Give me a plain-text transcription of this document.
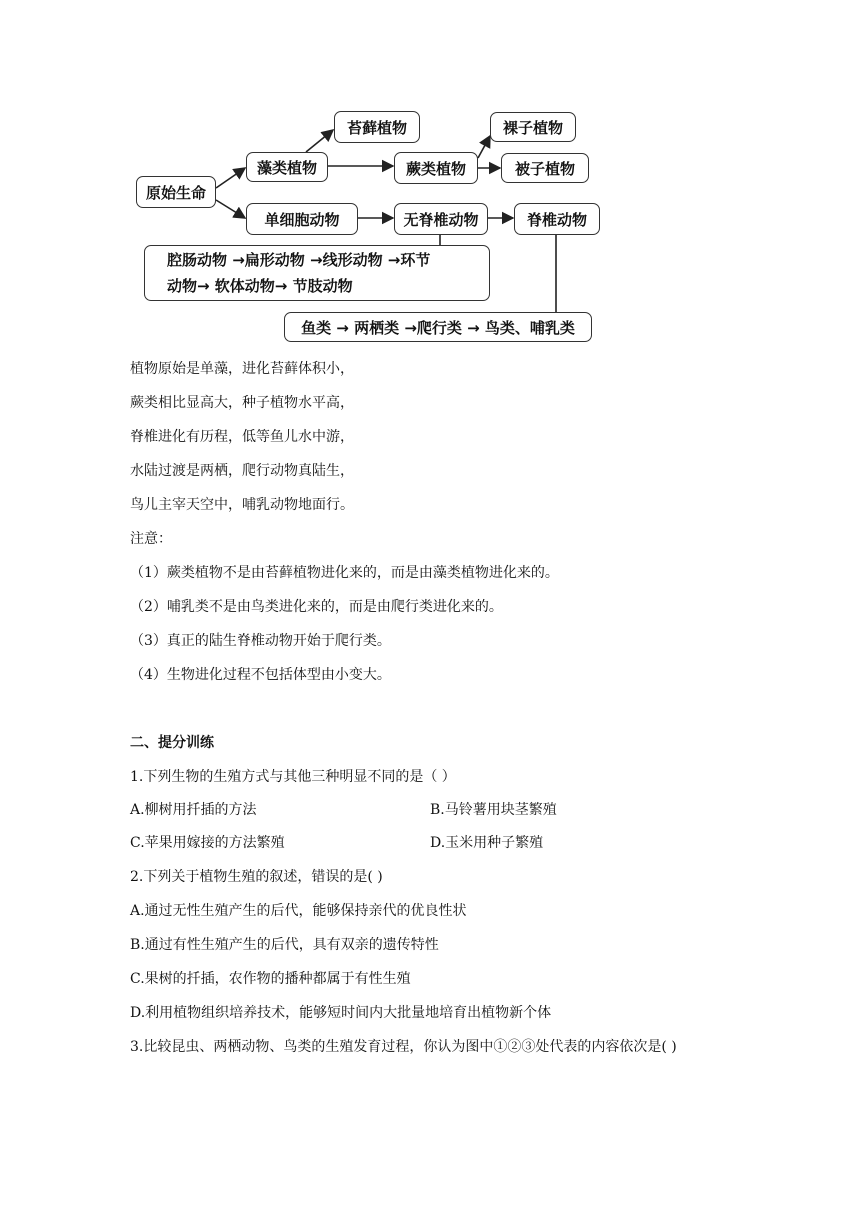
原始生命
藻类植物
苔藓植物
蕨类植物
裸子植物
被子植物
单细胞动物	无脊椎动物	脊椎动物
腔肠动物 →扁形动物 →线形动物 →环节
动物→ 软体动物→ 节肢动物
鱼类 → 两栖类 →爬行类 → 鸟类、哺乳类
植物原始是单藻，进化苔藓体积小，
蕨类相比显高大，种子植物水平高，
脊椎进化有历程，低等鱼儿水中游，
水陆过渡是两栖，爬行动物真陆生，
鸟儿主宰天空中，哺乳动物地面行。
注意：
（1）蕨类植物不是由苔藓植物进化来的，而是由藻类植物进化来的。
（2）哺乳类不是由鸟类进化来的，而是由爬行类进化来的。
（3）真正的陆生脊椎动物开始于爬行类。
（4）生物进化过程不包括体型由小变大。
二、提分训练
1.下列生物的生殖方式与其他三种明显不同的是（ ）
A.柳树用扦插的方法	B.马铃薯用块茎繁殖
C.苹果用嫁接的方法繁殖	D.玉米用种子繁殖
2.下列关于植物生殖的叙述，错误的是( )
A.通过无性生殖产生的后代，能够保持亲代的优良性状
B.通过有性生殖产生的后代，具有双亲的遗传特性
C.果树的扦插，农作物的播种都属于有性生殖
D.利用植物组织培养技术，能够短时间内大批量地培育出植物新个体
3.比较昆虫、两栖动物、鸟类的生殖发育过程，你认为图中①②③处代表的内容依次是( )
